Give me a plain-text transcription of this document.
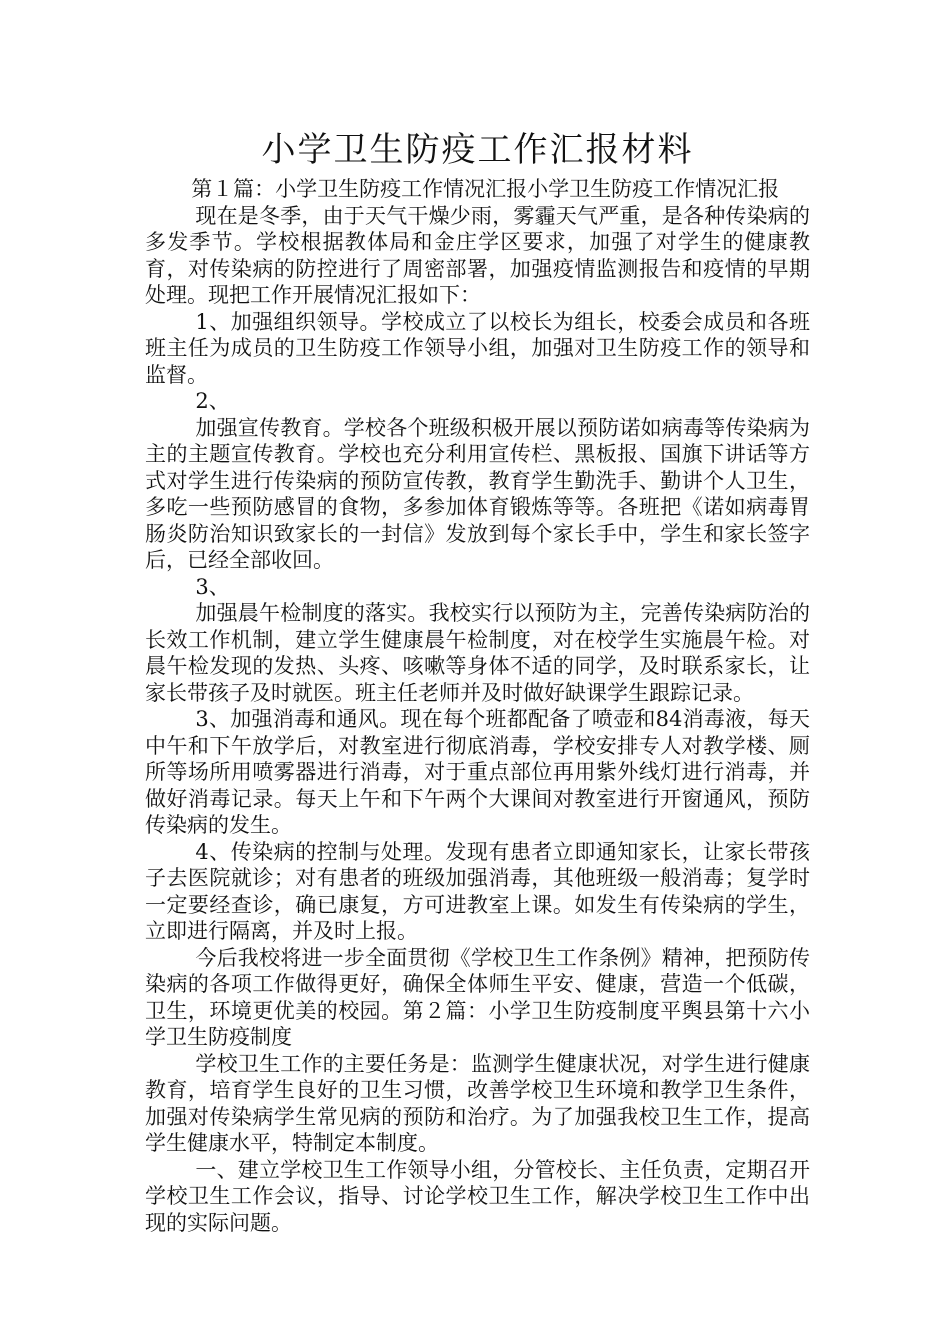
小学卫生防疫工作汇报材料

第１篇：小学卫生防疫工作情况汇报小学卫生防疫工作情况汇报

现在是冬季，由于天气干燥少雨，雾霾天气严重，是各种传染病的多发季节。学校根据教体局和金庄学区要求，加强了对学生的健康教育，对传染病的防控进行了周密部署，加强疫情监测报告和疫情的早期处理。现把工作开展情况汇报如下：

1、加强组织领导。学校成立了以校长为组长，校委会成员和各班班主任为成员的卫生防疫工作领导小组，加强对卫生防疫工作的领导和监督。

2、

加强宣传教育。学校各个班级积极开展以预防诺如病毒等传染病为主的主题宣传教育。学校也充分利用宣传栏、黑板报、国旗下讲话等方式对学生进行传染病的预防宣传教，教育学生勤洗手、勤讲个人卫生，多吃一些预防感冒的食物，多参加体育锻炼等等。各班把《诺如病毒胃肠炎防治知识致家长的一封信》发放到每个家长手中，学生和家长签字后，已经全部收回。

3、

加强晨午检制度的落实。我校实行以预防为主，完善传染病防治的长效工作机制，建立学生健康晨午检制度，对在校学生实施晨午检。对晨午检发现的发热、头疼、咳嗽等身体不适的同学，及时联系家长，让家长带孩子及时就医。班主任老师并及时做好缺课学生跟踪记录。

3、加强消毒和通风。现在每个班都配备了喷壶和84消毒液，每天中午和下午放学后，对教室进行彻底消毒，学校安排专人对教学楼、厕所等场所用喷雾器进行消毒，对于重点部位再用紫外线灯进行消毒，并做好消毒记录。每天上午和下午两个大课间对教室进行开窗通风，预防传染病的发生。

4、传染病的控制与处理。发现有患者立即通知家长，让家长带孩子去医院就诊；对有患者的班级加强消毒，其他班级一般消毒；复学时一定要经查诊，确已康复，方可进教室上课。如发生有传染病的学生，立即进行隔离，并及时上报。

今后我校将进一步全面贯彻《学校卫生工作条例》精神，把预防传染病的各项工作做得更好，确保全体师生平安、健康，营造一个低碳，卫生，环境更优美的校园。第２篇：小学卫生防疫制度平舆县第十六小学卫生防疫制度

学校卫生工作的主要任务是：监测学生健康状况，对学生进行健康教育，培育学生良好的卫生习惯，改善学校卫生环境和教学卫生条件，加强对传染病学生常见病的预防和治疗。为了加强我校卫生工作，提高学生健康水平，特制定本制度。

一、建立学校卫生工作领导小组，分管校长、主任负责，定期召开学校卫生工作会议，指导、讨论学校卫生工作，解决学校卫生工作中出现的实际问题。
